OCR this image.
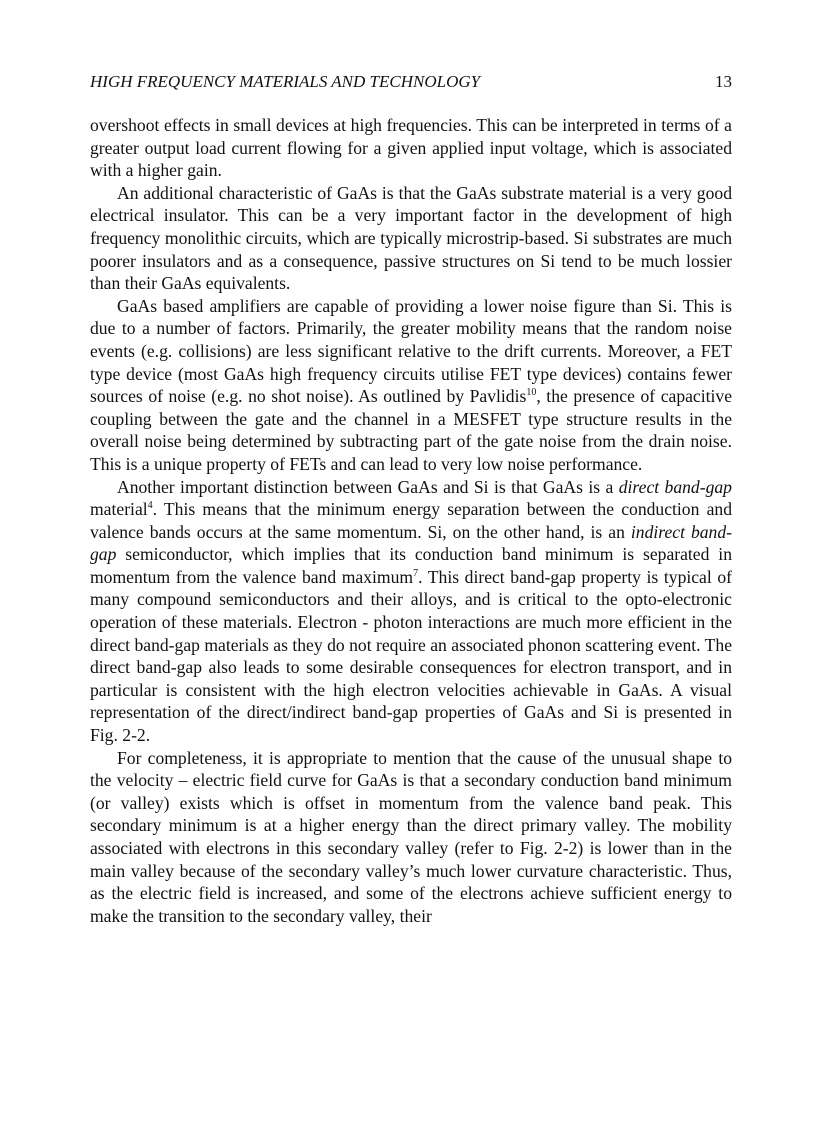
HIGH FREQUENCY MATERIALS AND TECHNOLOGY	13

overshoot effects in small devices at high frequencies. This can be interpreted in terms of a greater output load current flowing for a given applied input voltage, which is associated with a higher gain.

An additional characteristic of GaAs is that the GaAs substrate material is a very good electrical insulator. This can be a very important factor in the development of high frequency monolithic circuits, which are typically microstrip-based. Si substrates are much poorer insulators and as a consequence, passive structures on Si tend to be much lossier than their GaAs equivalents.

GaAs based amplifiers are capable of providing a lower noise figure than Si. This is due to a number of factors. Primarily, the greater mobility means that the random noise events (e.g. collisions) are less significant relative to the drift currents. Moreover, a FET type device (most GaAs high frequency circuits utilise FET type devices) contains fewer sources of noise (e.g. no shot noise). As outlined by Pavlidis$^{10}$, the presence of capacitive coupling between the gate and the channel in a MESFET type structure results in the overall noise being determined by subtracting part of the gate noise from the drain noise. This is a unique property of FETs and can lead to very low noise performance.

Another important distinction between GaAs and Si is that GaAs is a direct band-gap material$^4$. This means that the minimum energy separation between the conduction and valence bands occurs at the same momentum. Si, on the other hand, is an indirect band-gap semiconductor, which implies that its conduction band minimum is separated in momentum from the valence band maximum$^7$. This direct band-gap property is typical of many compound semiconductors and their alloys, and is critical to the opto-electronic operation of these materials. Electron - photon interactions are much more efficient in the direct band-gap materials as they do not require an associated phonon scattering event. The direct band-gap also leads to some desirable consequences for electron transport, and in particular is consistent with the high electron velocities achievable in GaAs. A visual representation of the direct/indirect band-gap properties of GaAs and Si is presented in Fig. 2-2.

For completeness, it is appropriate to mention that the cause of the unusual shape to the velocity – electric field curve for GaAs is that a secondary conduction band minimum (or valley) exists which is offset in momentum from the valence band peak. This secondary minimum is at a higher energy than the direct primary valley. The mobility associated with electrons in this secondary valley (refer to Fig. 2-2) is lower than in the main valley because of the secondary valley’s much lower curvature characteristic. Thus, as the electric field is increased, and some of the electrons achieve sufficient energy to make the transition to the secondary valley, their
